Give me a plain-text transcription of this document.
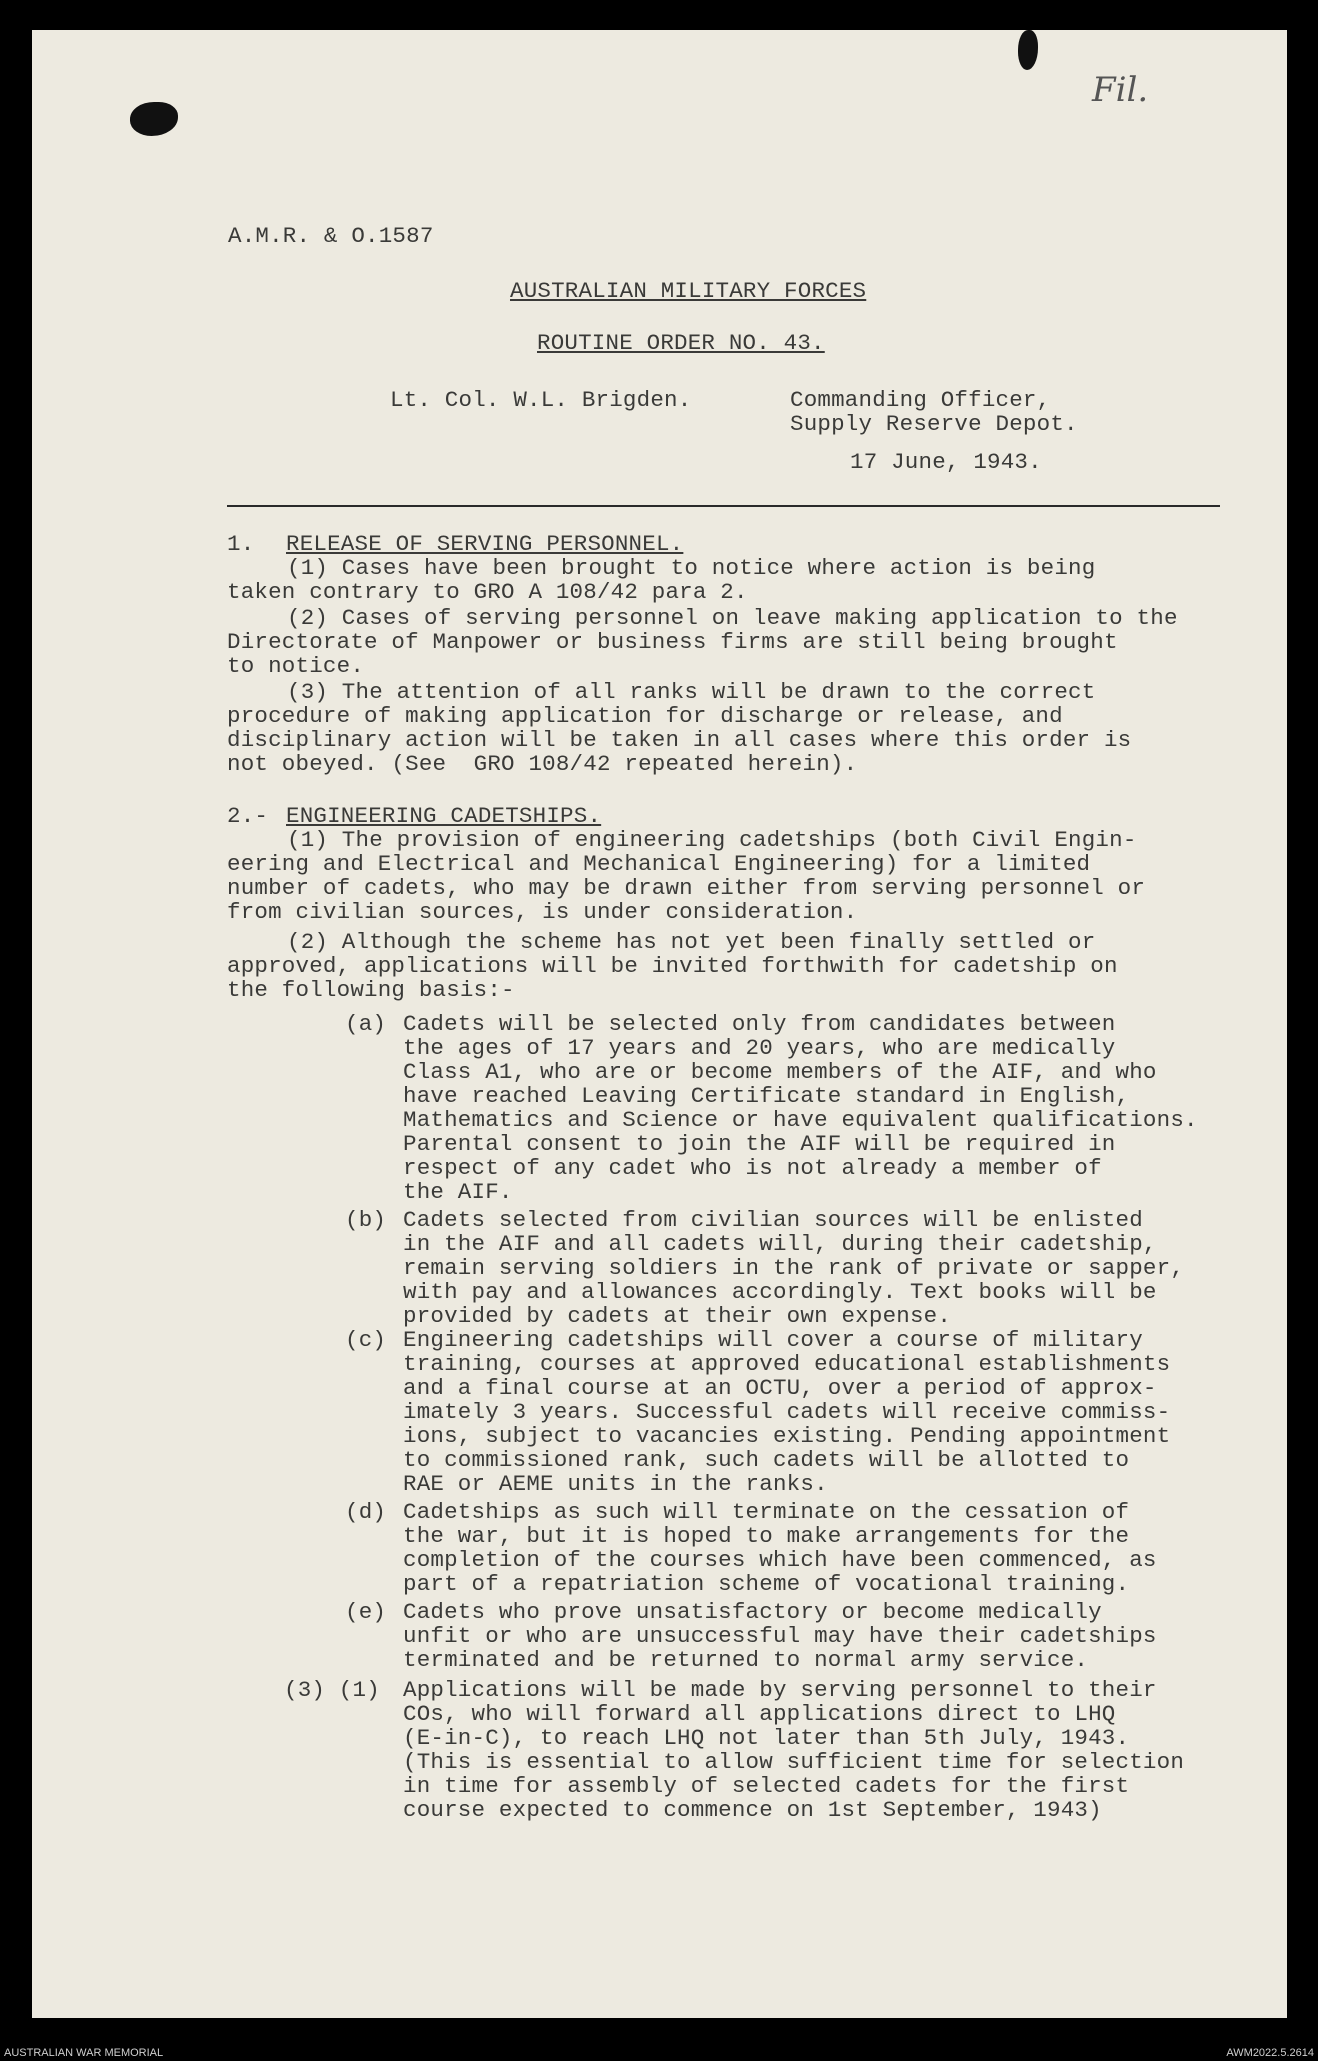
Fil.
A.M.R. & O.1587
AUSTRALIAN MILITARY FORCES
ROUTINE ORDER NO. 43.
Lt. Col. W.L. Brigden.	Commanding Officer,
Supply Reserve Depot.
17 June, 1943.
1. RELEASE OF SERVING PERSONNEL.
(1) Cases have been brought to notice where action is being
taken contrary to GRO A 108/42 para 2.
(2) Cases of serving personnel on leave making application to the
Directorate of Manpower or business firms are still being brought
to notice.
(3) The attention of all ranks will be drawn to the correct
procedure of making application for discharge or release, and
disciplinary action will be taken in all cases where this order is
not obeyed. (See  GRO 108/42 repeated herein).
2.- ENGINEERING CADETSHIPS.
(1) The provision of engineering cadetships (both Civil Engin-
eering and Electrical and Mechanical Engineering) for a limited
number of cadets, who may be drawn either from serving personnel or
from civilian sources, is under consideration.
(2) Although the scheme has not yet been finally settled or
approved, applications will be invited forthwith for cadetship on
the following basis:-
(a) Cadets will be selected only from candidates between
the ages of 17 years and 20 years, who are medically
Class A1, who are or become members of the AIF, and who
have reached Leaving Certificate standard in English,
Mathematics and Science or have equivalent qualifications.
Parental consent to join the AIF will be required in
respect of any cadet who is not already a member of
the AIF.
(b) Cadets selected from civilian sources will be enlisted
in the AIF and all cadets will, during their cadetship,
remain serving soldiers in the rank of private or sapper,
with pay and allowances accordingly. Text books will be
provided by cadets at their own expense.
(c) Engineering cadetships will cover a course of military
training, courses at approved educational establishments
and a final course at an OCTU, over a period of approx-
imately 3 years. Successful cadets will receive commiss-
ions, subject to vacancies existing. Pending appointment
to commissioned rank, such cadets will be allotted to
RAE or AEME units in the ranks.
(d) Cadetships as such will terminate on the cessation of
the war, but it is hoped to make arrangements for the
completion of the courses which have been commenced, as
part of a repatriation scheme of vocational training.
(e) Cadets who prove unsatisfactory or become medically
unfit or who are unsuccessful may have their cadetships
terminated and be returned to normal army service.
(3) (1) Applications will be made by serving personnel to their
COs, who will forward all applications direct to LHQ
(E-in-C), to reach LHQ not later than 5th July, 1943.
(This is essential to allow sufficient time for selection
in time for assembly of selected cadets for the first
course expected to commence on 1st September, 1943)
AUSTRALIAN WAR MEMORIAL	AWM2022.5.2614
